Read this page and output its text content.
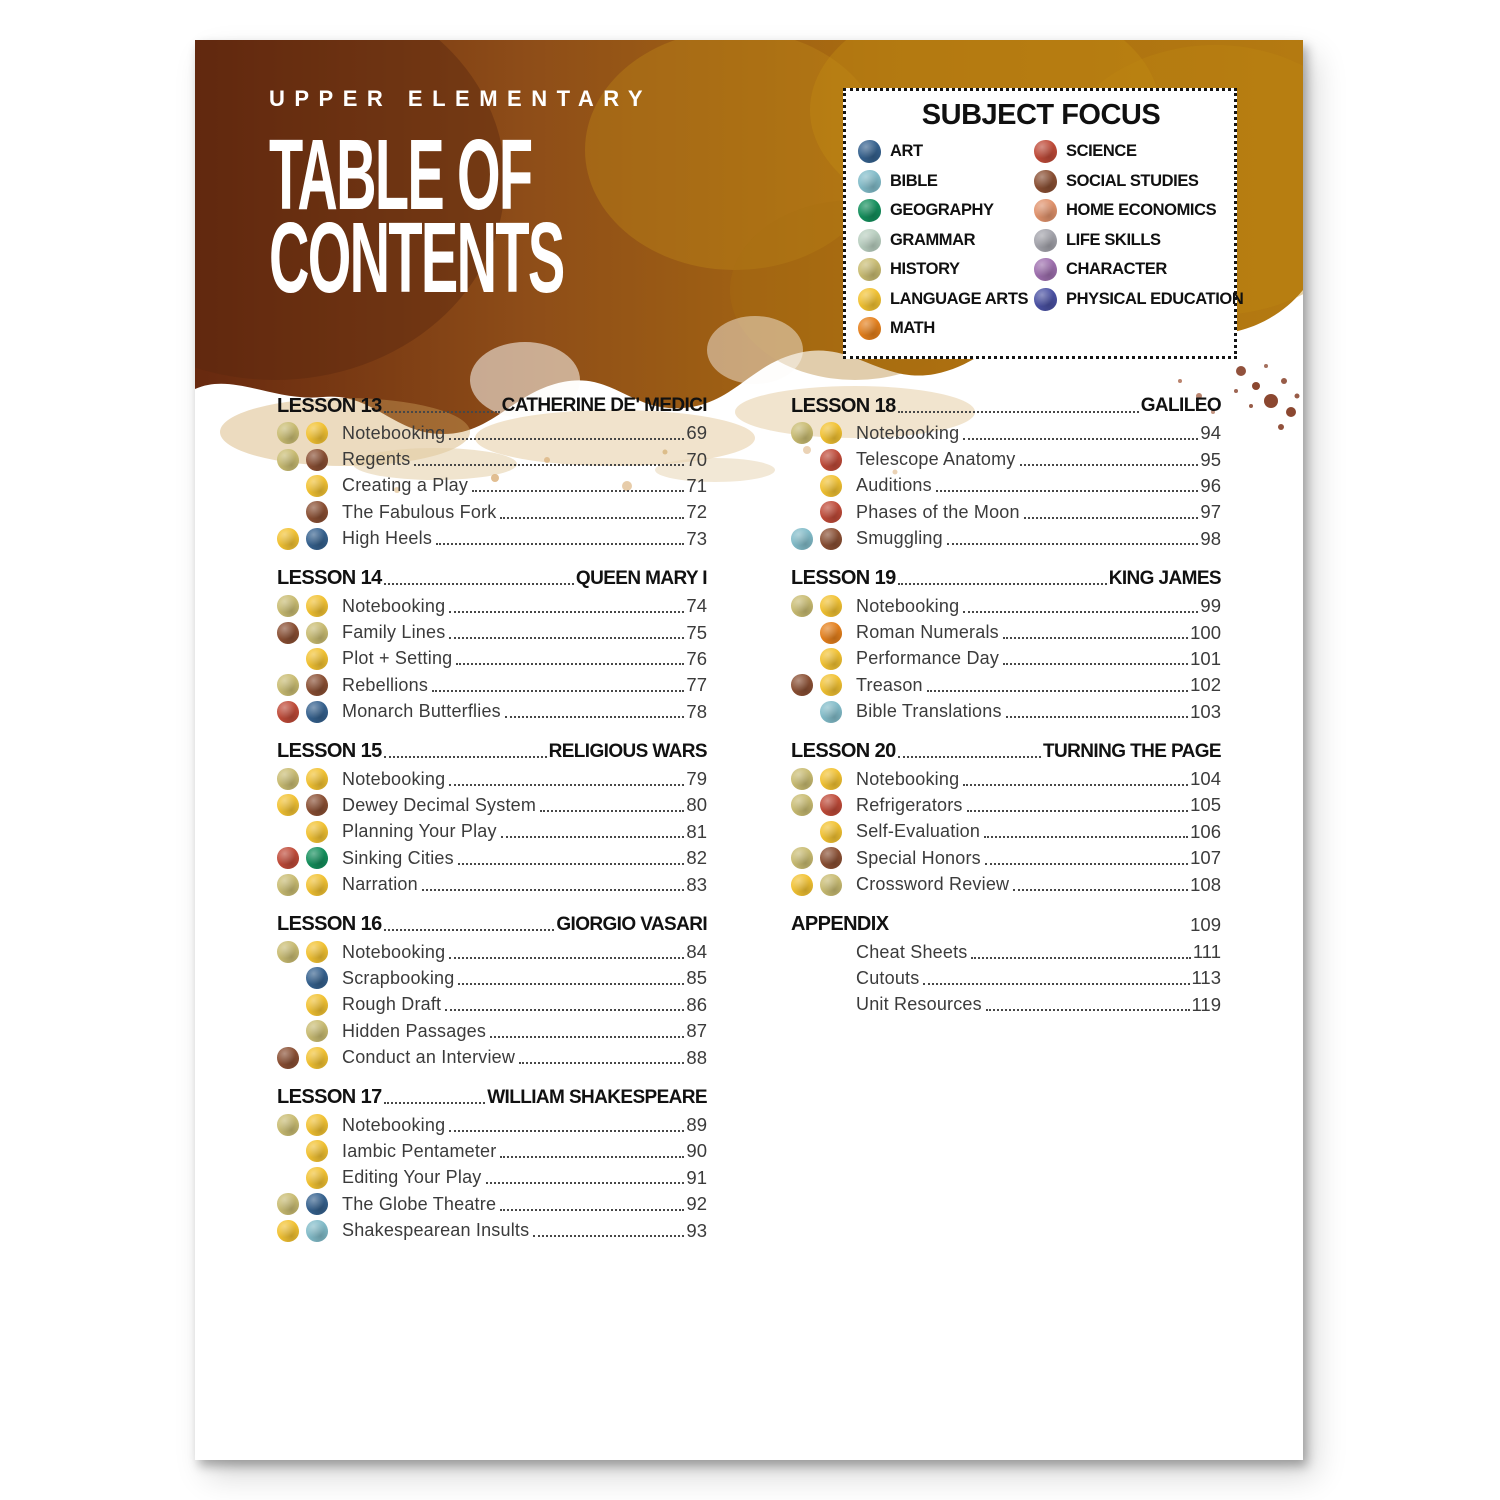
UPPER ELEMENTARY
TABLE OF
CONTENTS
SUBJECT FOCUS
ART
BIBLE
GEOGRAPHY
GRAMMAR
HISTORY
LANGUAGE ARTS
MATH
SCIENCE
SOCIAL STUDIES
HOME ECONOMICS
LIFE SKILLS
CHARACTER
PHYSICAL EDUCATION
LESSON 13	CATHERINE DE' MEDICI
Notebooking	69
Regents	70
Creating a Play	71
The Fabulous Fork	72
High Heels	73
LESSON 14	QUEEN MARY I
Notebooking	74
Family Lines	75
Plot + Setting	76
Rebellions	77
Monarch Butterflies	78
LESSON 15	RELIGIOUS WARS
Notebooking	79
Dewey Decimal System	80
Planning Your Play	81
Sinking Cities	82
Narration	83
LESSON 16	GIORGIO VASARI
Notebooking	84
Scrapbooking	85
Rough Draft	86
Hidden Passages	87
Conduct an Interview	88
LESSON 17	WILLIAM SHAKESPEARE
Notebooking	89
Iambic Pentameter	90
Editing Your Play	91
The Globe Theatre	92
Shakespearean Insults	93
LESSON 18	GALILEO
Notebooking	94
Telescope Anatomy	95
Auditions	96
Phases of the Moon	97
Smuggling	98
LESSON 19	KING JAMES
Notebooking	99
Roman Numerals	100
Performance Day	101
Treason	102
Bible Translations	103
LESSON 20	TURNING THE PAGE
Notebooking	104
Refrigerators	105
Self-Evaluation	106
Special Honors	107
Crossword Review	108
APPENDIX	109
Cheat Sheets	111
Cutouts	113
Unit Resources	119
